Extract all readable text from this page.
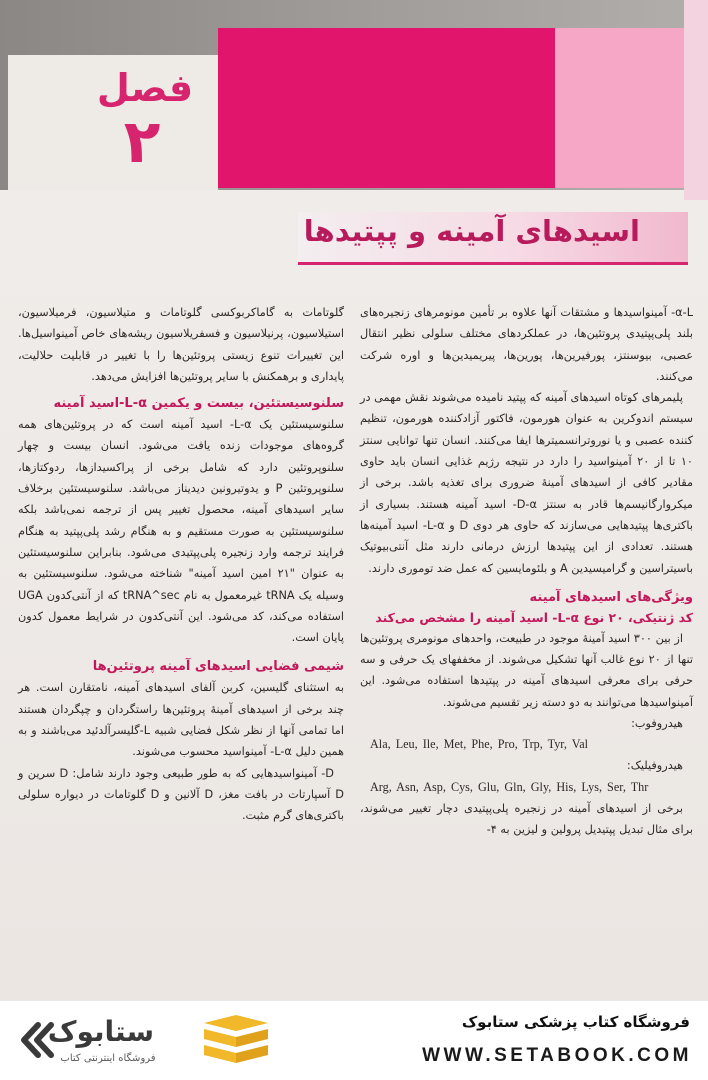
فصل
۲
اسیدهای آمینه و پپتیدها

α-L- آمینواسیدها و مشتقات آنها علاوه بر تأمین مونومرهای زنجیره‌های بلند پلی‌پپتیدی پروتئین‌ها، در عملکردهای مختلف سلولی نظیر انتقال عصبی، بیوسنتز، پورفیرین‌ها، پورین‌ها، پیریمیدین‌ها و اوره شرکت می‌کنند.

پلیمرهای کوتاه اسیدهای آمینه که پپتید نامیده می‌شوند نقش مهمی در سیستم اندوکرین به عنوان هورمون، فاکتور آزادکننده هورمون، تنظیم کننده عصبی و یا نوروترانسمیترها ایفا می‌کنند. انسان تنها توانایی سنتز ۱۰ تا از ۲۰ آمینواسید را دارد در نتیجه رژیم غذایی انسان باید حاوی مقادیر کافی از اسیدهای آمینهٔ ضروری برای تغذیه باشد. برخی از میکروارگانیسم‌ها قادر به سنتز D-α- اسید آمینه هستند. بسیاری از باکتری‌ها پپتیدهایی می‌سازند که حاوی هر دوی D و L-α- اسید آمینه‌ها هستند. تعدادی از این پپتیدها ارزش درمانی دارند مثل آنتی‌بیوتیک باسیتراسین و گرامیسیدین A و بلئومایسین که عمل ضد توموری دارند.

ویژگی‌های اسیدهای آمینه
کد ژنتیکی، ۲۰ نوع L-α- اسید آمینه را مشخص می‌کند

از بین ۳۰۰ اسید آمینهٔ موجود در طبیعت، واحدهای مونومری پروتئین‌ها تنها از ۲۰ نوع غالب آنها تشکیل می‌شوند. از مخففهای یک حرفی و سه حرفی برای معرفی اسیدهای آمینه در پپتیدها استفاده می‌شود. این آمینواسیدها می‌توانند به دو دسته زیر تقسیم می‌شوند.

هیدروفوب:

Ala, Leu, Ile, Met, Phe, Pro, Trp, Tyr, Val

هیدروفیلیک:

Arg, Asn, Asp, Cys, Glu, Gln, Gly, His, Lys, Ser, Thr

برخی از اسیدهای آمینه در زنجیره پلی‌پپتیدی دچار تغییر می‌شوند، برای مثال تبدیل پپتیدیل پرولین و لیزین به ۴-

گلوتامات به گاماکربوکسی گلوتامات و متیلاسیون، فرمیلاسیون، استیلاسیون، پرنیلاسیون و فسفریلاسیون ریشه‌های خاص آمینواسیل‌ها. این تغییرات تنوع زیستی پروتئین‌ها را با تغییر در قابلیت حلالیت، پایداری و برهمکنش با سایر پروتئین‌ها افزایش می‌دهد.

سلنوسیستئین، بیست و یکمین L-α-اسید آمینه

سلنوسیستئین یک L-α- اسید آمینه است که در پروتئین‌های همه گروه‌های موجودات زنده یافت می‌شود. انسان بیست و چهار سلنوپروتئین دارد که شامل برخی از پراکسیدازها، ردوکتازها، سلنوپروتئین P و یدوتیرونین دیدیناز می‌باشد. سلنوسیستئین برخلاف سایر اسیدهای آمینه، محصول تغییر پس از ترجمه نمی‌باشد بلکه سلنوسیستئین به صورت مستقیم و به هنگام رشد پلی‌پپتید به هنگام فرایند ترجمه وارد زنجیره پلی‌پپتیدی می‌شود. بنابراین سلنوسیستئین به عنوان "۲۱ امین اسید آمینه" شناخته می‌شود. سلنوسیستئین به وسیله یک tRNA غیرمعمول به نام tRNA^sec که از آنتی‌کدون UGA استفاده می‌کند، کد می‌شود. این آنتی‌کدون در شرایط معمول کدون پایان است.

شیمی فضایی اسیدهای آمینه پروتئین‌ها

به استثنای گلیسین، کربن آلفای اسیدهای آمینه، نامتقارن است. هر چند برخی از اسیدهای آمینهٔ پروتئین‌ها راستگردان و چپگردان هستند اما تمامی آنها از نظر شکل فضایی شبیه L-گلیسرآلدئید می‌باشند و به همین دلیل L-α- آمینواسید محسوب می‌شوند.

D- آمینواسیدهایی که به طور طبیعی وجود دارند شامل: D سرین و D آسپارتات در بافت مغز، D آلانین و D گلوتامات در دیواره سلولی باکتری‌های گرم مثبت.

ستابوک
فروشگاه اینترنتی کتاب
فروشگاه کتاب پزشکی ستابوک
WWW.SETABOOK.COM
